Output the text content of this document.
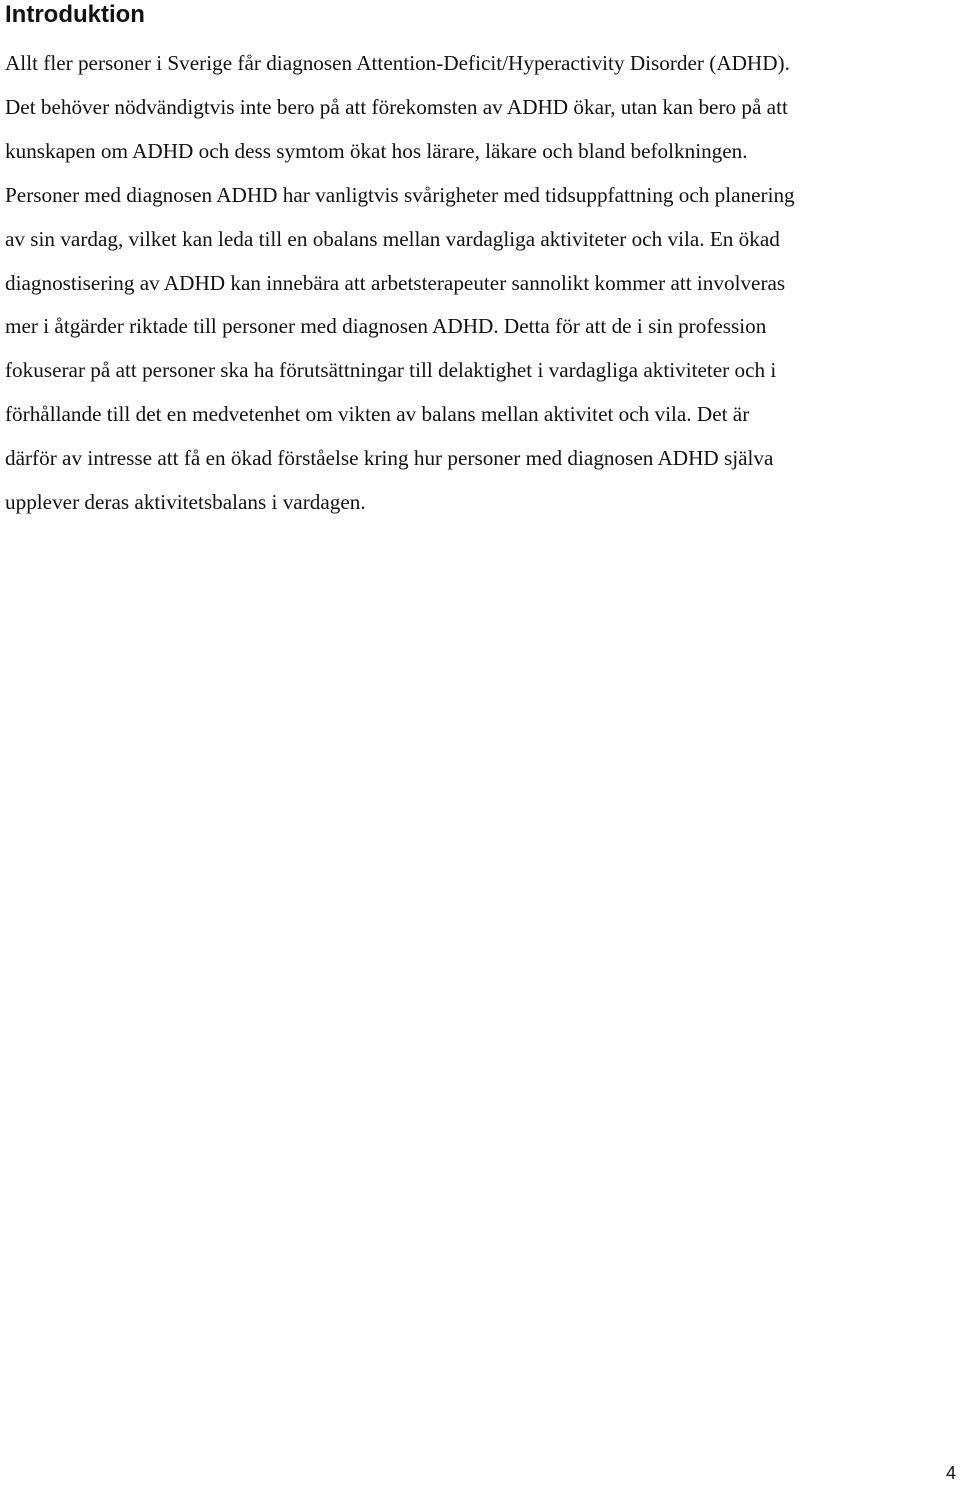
Introduktion

Allt fler personer i Sverige får diagnosen Attention-Deficit/Hyperactivity Disorder (ADHD).
Det behöver nödvändigtvis inte bero på att förekomsten av ADHD ökar, utan kan bero på att
kunskapen om ADHD och dess symtom ökat hos lärare, läkare och bland befolkningen.
Personer med diagnosen ADHD har vanligtvis svårigheter med tidsuppfattning och planering
av sin vardag, vilket kan leda till en obalans mellan vardagliga aktiviteter och vila. En ökad
diagnostisering av ADHD kan innebära att arbetsterapeuter sannolikt kommer att involveras
mer i åtgärder riktade till personer med diagnosen ADHD. Detta för att de i sin profession
fokuserar på att personer ska ha förutsättningar till delaktighet i vardagliga aktiviteter och i
förhållande till det en medvetenhet om vikten av balans mellan aktivitet och vila. Det är
därför av intresse att få en ökad förståelse kring hur personer med diagnosen ADHD själva
upplever deras aktivitetsbalans i vardagen.

4
